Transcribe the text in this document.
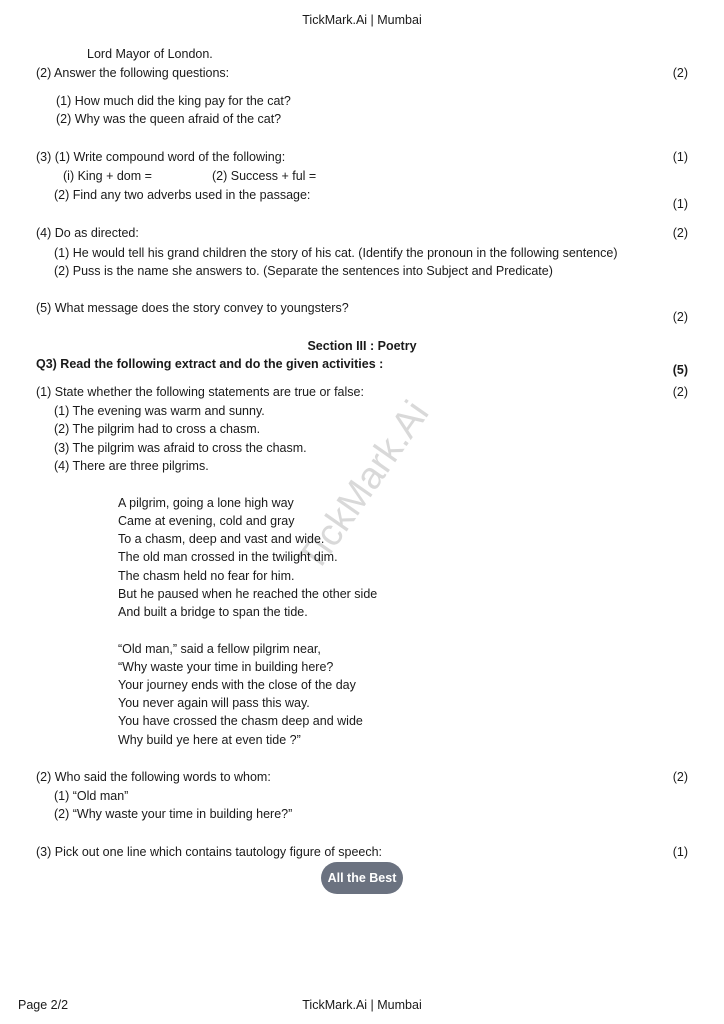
TickMark.Ai | Mumbai
TickMark.Ai
Lord Mayor of London.
(2) Answer the following questions:	(2)
(1) How much did the king pay for the cat?
(2) Why was the queen afraid of the cat?
(3) (1) Write compound word of the following:	(1)
(i) King + dom =	(2) Success + ful =
(2) Find any two adverbs used in the passage:
(1)
(4) Do as directed:	(2)
(1) He would tell his grand children the story of his cat. (Identify the pronoun in the following sentence)
(2) Puss is the name she answers to. (Separate the sentences into Subject and Predicate)
(5) What message does the story convey to youngsters?
(2)
Section III : Poetry
Q3) Read the following extract and do the given activities :	(5)
(1) State whether the following statements are true or false:	(2)
(1) The evening was warm and sunny.
(2) The pilgrim had to cross a chasm.
(3) The pilgrim was afraid to cross the chasm.
(4) There are three pilgrims.
A pilgrim, going a lone high way
Came at evening, cold and gray
To a chasm, deep and vast and wide.
The old man crossed in the twilight dim.
The chasm held no fear for him.
But he paused when he reached the other side
And built a bridge to span the tide.
“Old man,” said a fellow pilgrim near,
“Why waste your time in building here?
Your journey ends with the close of the day
You never again will pass this way.
You have crossed the chasm deep and wide
Why build ye here at even tide ?”
(2) Who said the following words to whom:	(2)
(1) “Old man”
(2) “Why waste your time in building here?”
(3) Pick out one line which contains tautology figure of speech:	(1)
All the Best
Page 2/2	TickMark.Ai | Mumbai
